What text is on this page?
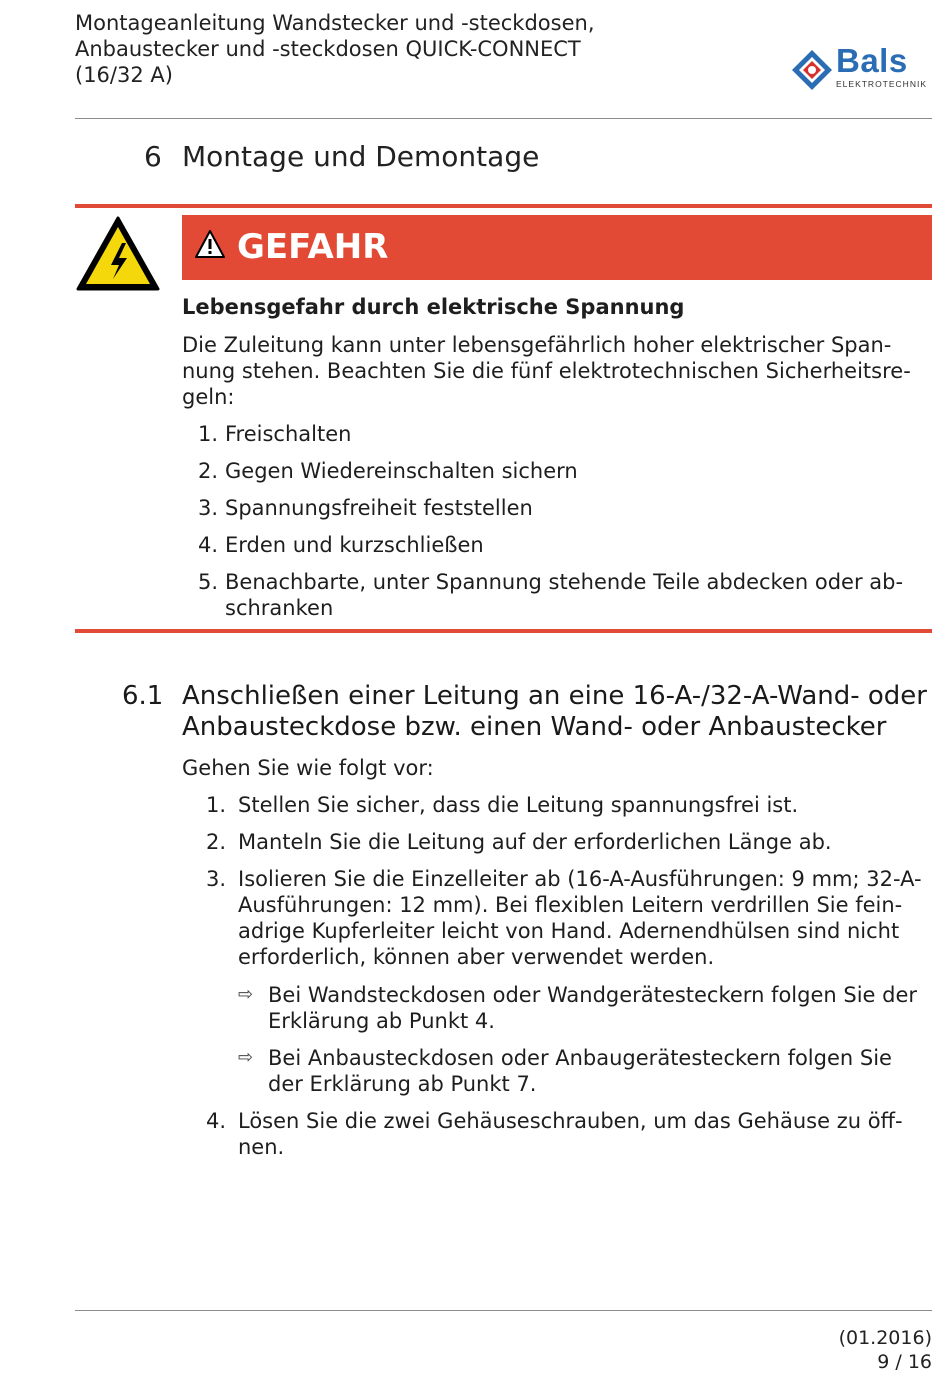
Montageanleitung Wandstecker und -steckdosen,
Anbaustecker und -steckdosen QUICK-CONNECT
(16/32 A)	Bals
ELEKTROTECHNIK
6 Montage und Demontage
GEFAHR
Lebensgefahr durch elektrische Spannung
Die Zuleitung kann unter lebensgefährlich hoher elektrischer Span-
nung stehen. Beachten Sie die fünf elektrotechnischen Sicherheitsre-
geln:
1. Freischalten
2. Gegen Wiedereinschalten sichern
3. Spannungsfreiheit feststellen
4. Erden und kurzschließen
5. Benachbarte, unter Spannung stehende Teile abdecken oder ab-
schranken
6.1 Anschließen einer Leitung an eine 16-A-/32-A-Wand- oder
Anbausteckdose bzw. einen Wand- oder Anbaustecker
Gehen Sie wie folgt vor:
1. Stellen Sie sicher, dass die Leitung spannungsfrei ist.
2. Manteln Sie die Leitung auf der erforderlichen Länge ab.
3. Isolieren Sie die Einzelleiter ab (16-A-Ausführungen: 9 mm; 32-A-
Ausführungen: 12 mm). Bei flexiblen Leitern verdrillen Sie fein-
adrige Kupferleiter leicht von Hand. Adernendhülsen sind nicht
erforderlich, können aber verwendet werden.
⇨ Bei Wandsteckdosen oder Wandgerätesteckern folgen Sie der
Erklärung ab Punkt 4.
⇨ Bei Anbausteckdosen oder Anbaugerätesteckern folgen Sie
der Erklärung ab Punkt 7.
4. Lösen Sie die zwei Gehäuseschrauben, um das Gehäuse zu öff-
nen.
(01.2016)
9 / 16
